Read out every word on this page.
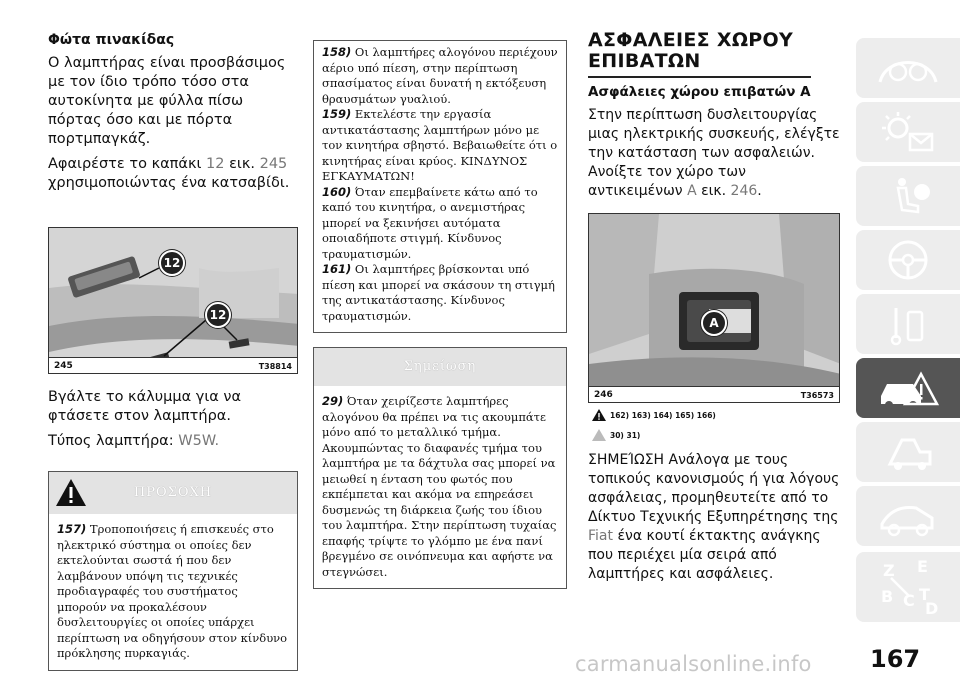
Φώτα πινακίδας

Ο λαμπτήρας είναι προσβάσιμος με τον ίδιο τρόπο τόσο στα αυτοκίνητα με φύλλα πίσω πόρτας όσο και με πόρτα πορτμπαγκάζ.

Αφαιρέστε το καπάκι 12 εικ. 245 χρησιμοποιώντας ένα κατσαβίδι.

12
12
245	T38814

Βγάλτε το κάλυμμα για να φτάσετε στον λαμπτήρα.

Τύπος λαμπτήρα: W5W.

ΠΡΟΣΟΧΗ
157) Τροποποιήσεις ή επισκευές στο ηλεκτρικό σύστημα οι οποίες δεν εκτελούνται σωστά ή που δεν λαμβάνουν υπόψη τις τεχνικές προδιαγραφές του συστήματος μπορούν να προκαλέσουν δυσλειτουργίες οι οποίες υπάρχει περίπτωση να οδηγήσουν στον κίνδυνο πρόκλησης πυρκαγιάς.
158) Οι λαμπτήρες αλογόνου περιέχουν αέριο υπό πίεση, στην περίπτωση σπασίματος είναι δυνατή η εκτόξευση θραυσμάτων γυαλιού.
159) Εκτελέστε την εργασία αντικατάστασης λαμπτήρων μόνο με τον κινητήρα σβηστό. Βεβαιωθείτε ότι ο κινητήρας είναι κρύος. ΚΙΝΔΥΝΟΣ ΕΓΚΑΥΜΑΤΩΝ!
160) Όταν επεμβαίνετε κάτω από το καπό του κινητήρα, ο ανεμιστήρας μπορεί να ξεκινήσει αυτόματα οποιαδήποτε στιγμή. Κίνδυνος τραυματισμών.
161) Οι λαμπτήρες βρίσκονται υπό πίεση και μπορεί να σκάσουν τη στιγμή της αντικατάστασης. Κίνδυνος τραυματισμών.
Σημείωση
29) Όταν χειρίζεστε λαμπτήρες αλογόνου θα πρέπει να τις ακουμπάτε μόνο από το μεταλλικό τμήμα. Ακουμπώντας το διαφανές τμήμα του λαμπτήρα με τα δάχτυλα σας μπορεί να μειωθεί η ένταση του φωτός που εκπέμπεται και ακόμα να επηρεάσει δυσμενώς τη διάρκεια ζωής του ίδιου του λαμπτήρα. Στην περίπτωση τυχαίας επαφής τρίψτε το γλόμπο με ένα πανί βρεγμένο σε οινόπνευμα και αφήστε να στεγνώσει.
ΑΣΦΑΛΕΙΕΣ ΧΩΡΟΥ
ΕΠΙΒΑΤΩΝ
Ασφάλειες χώρου επιβατών A

Στην περίπτωση δυσλειτουργίας μιας ηλεκτρικής συσκευής, ελέγξτε την κατάσταση των ασφαλειών. Ανοίξτε τον χώρο των αντικειμένων A εικ. 246.

A
246	T36573
162) 163) 164) 165) 166)
30) 31)

ΣΗΜΕΊΩΣΗ Ανάλογα με τους τοπικούς κανονισμούς ή για λόγους ασφάλειας, προμηθευτείτε από το Δίκτυο Τεχνικής Εξυπηρέτησης της Fiat ένα κουτί έκτακτης ανάγκης που περιέχει μία σειρά από λαμπτήρες και ασφάλειες.	Z E
B C T
D
carmanualsonline.info 167
